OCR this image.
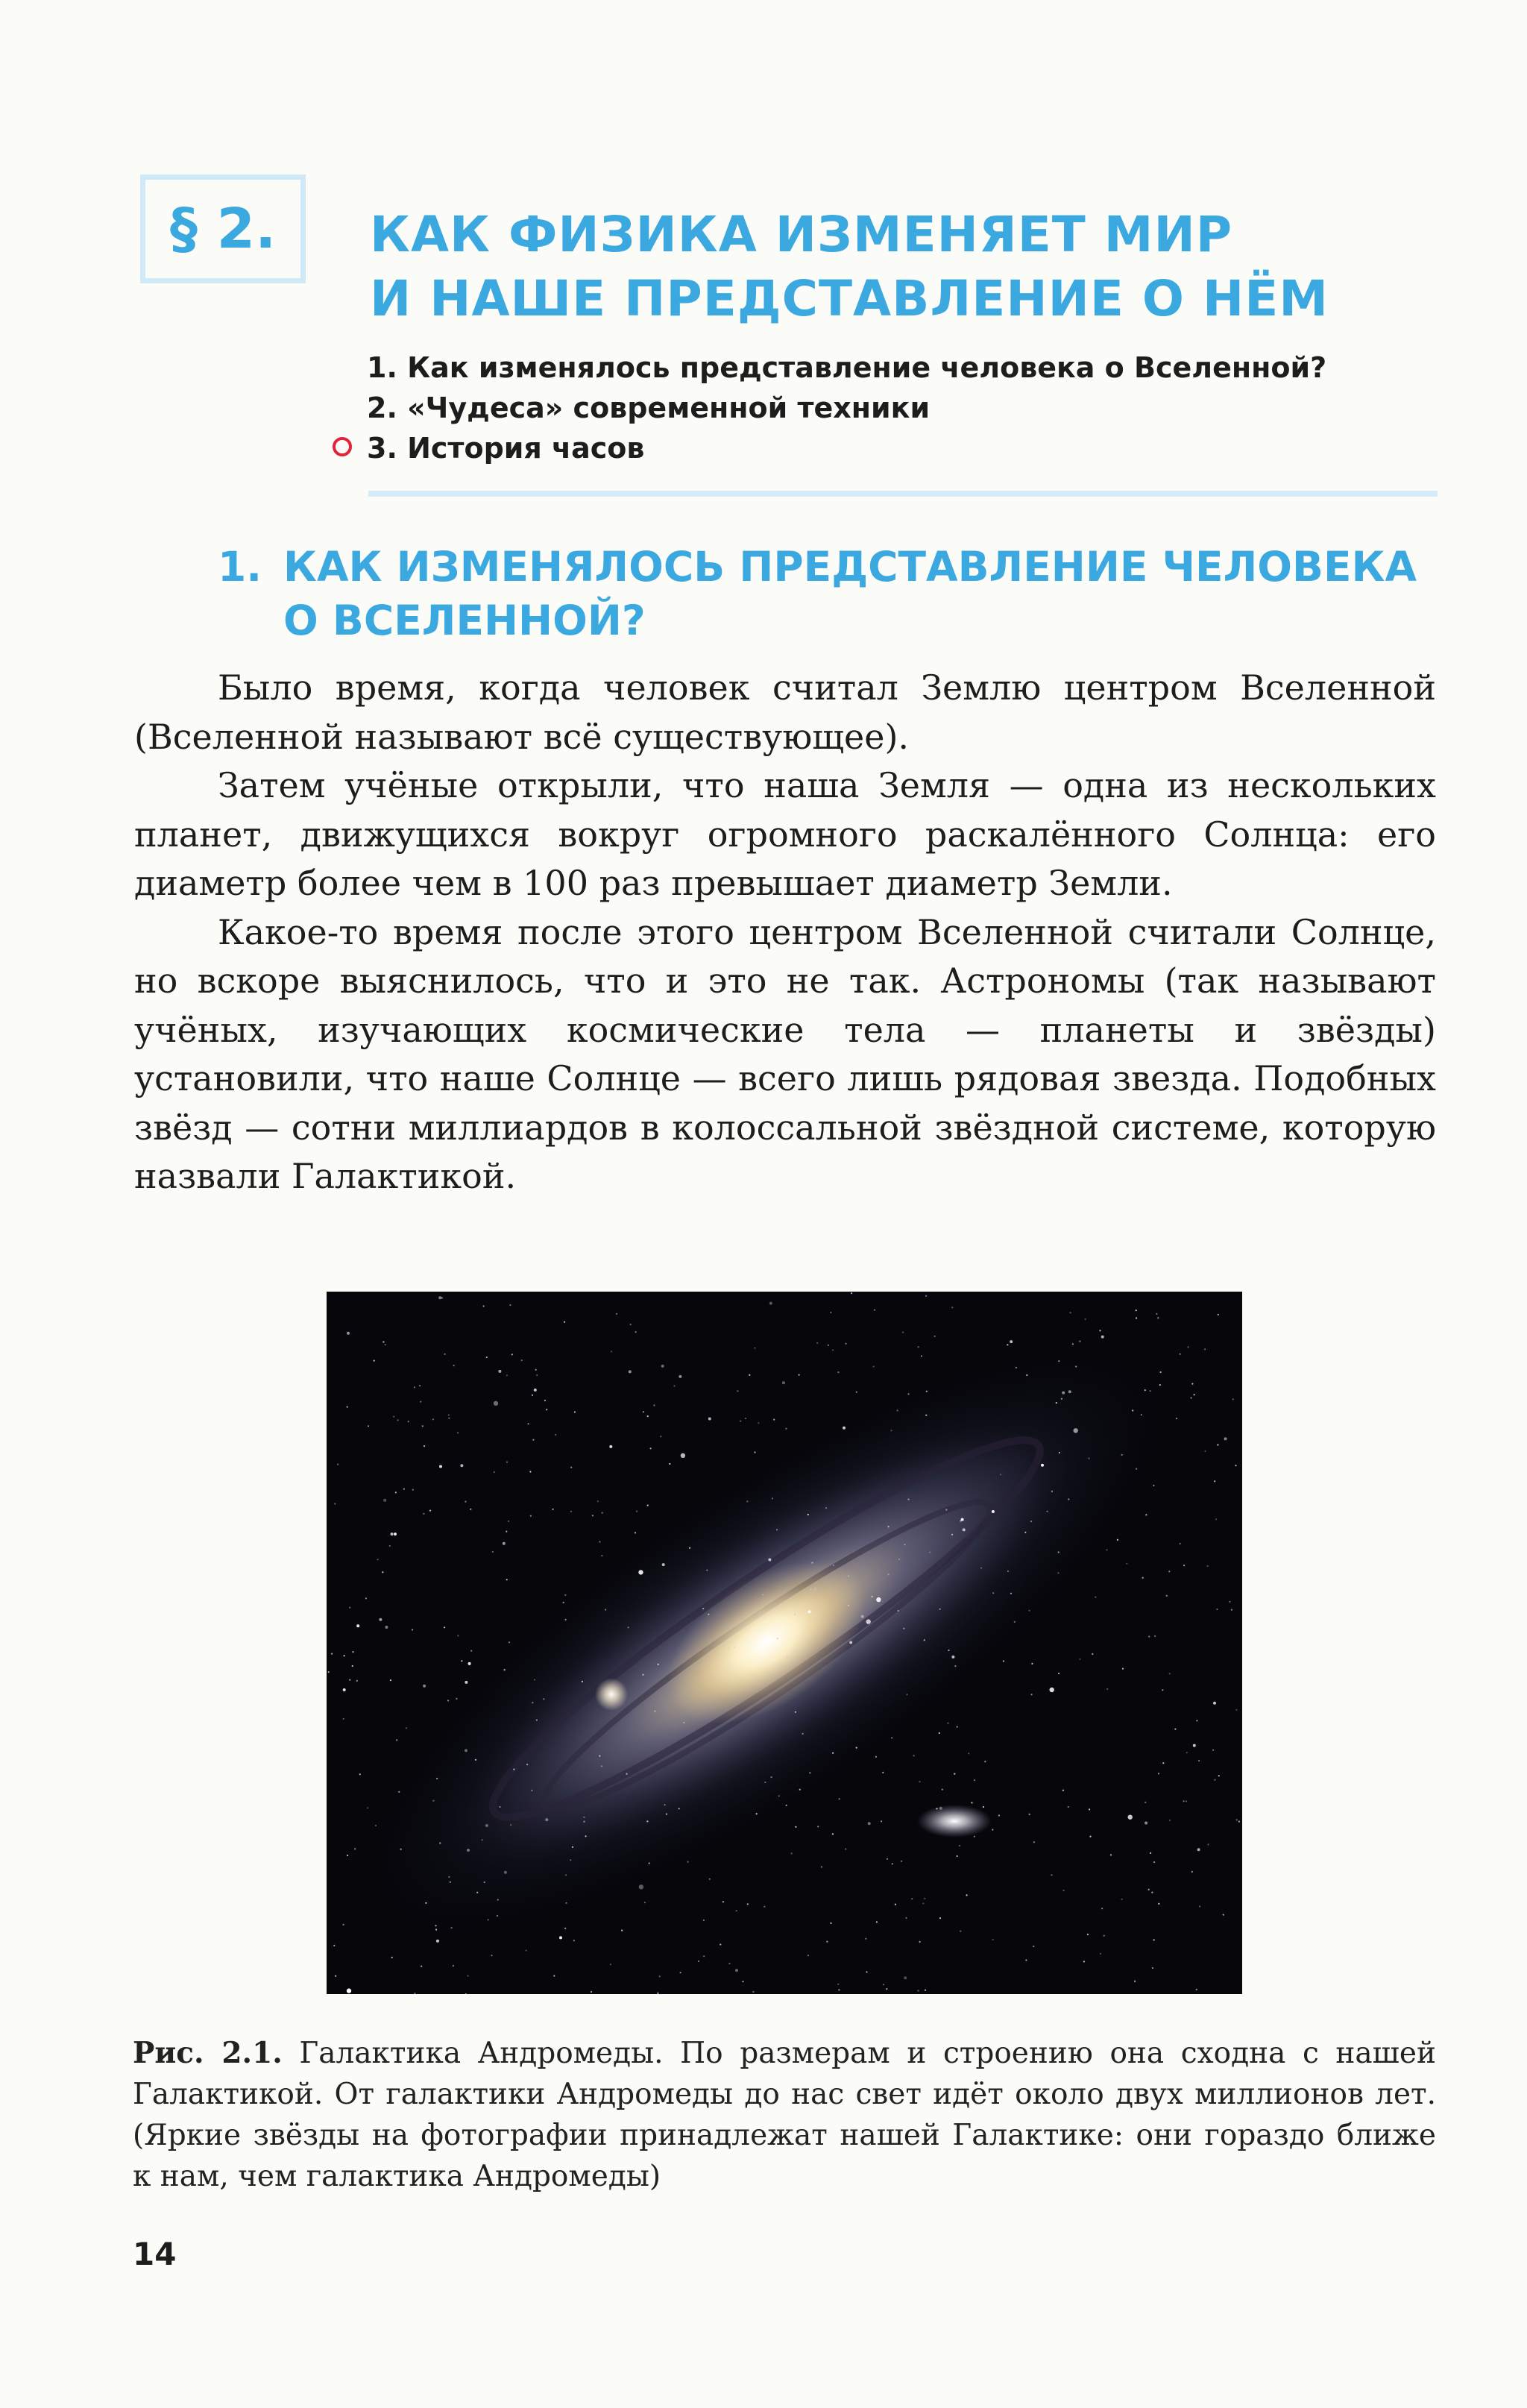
§ 2. КАК ФИЗИКА ИЗМЕНЯЕТ МИР
И НАШЕ ПРЕДСТАВЛЕНИЕ О НЁМ
1. Как изменялось представление человека о Вселенной?
2. «Чудеса» современной техники
3. История часов
1. КАК ИЗМЕНЯЛОСЬ ПРЕДСТАВЛЕНИЕ ЧЕЛОВЕКА
О ВСЕЛЕННОЙ?

Было время, когда человек считал Землю центром Вселенной (Вселенной называют всё существующее).

Затем учёные открыли, что наша Земля — одна из нескольких планет, движущихся вокруг огромного раскалённого Солнца: его диаметр более чем в 100 раз превышает диаметр Земли.

Какое-то время после этого центром Вселенной считали Солнце, но вскоре выяснилось, что и это не так. Астрономы (так называют учёных, изучающих космические тела — планеты и звёзды) установили, что наше Солнце — всего лишь рядовая звезда. Подобных звёзд — сотни миллиардов в колоссальной звёздной системе, которую назвали Галактикой.

Рис. 2.1. Галактика Андромеды. По размерам и строению она сходна с нашей Галактикой. От галактики Андромеды до нас свет идёт около двух миллионов лет. (Яркие звёзды на фотографии принадлежат нашей Галактике: они гораздо ближе к нам, чем галактика Андромеды)

14
